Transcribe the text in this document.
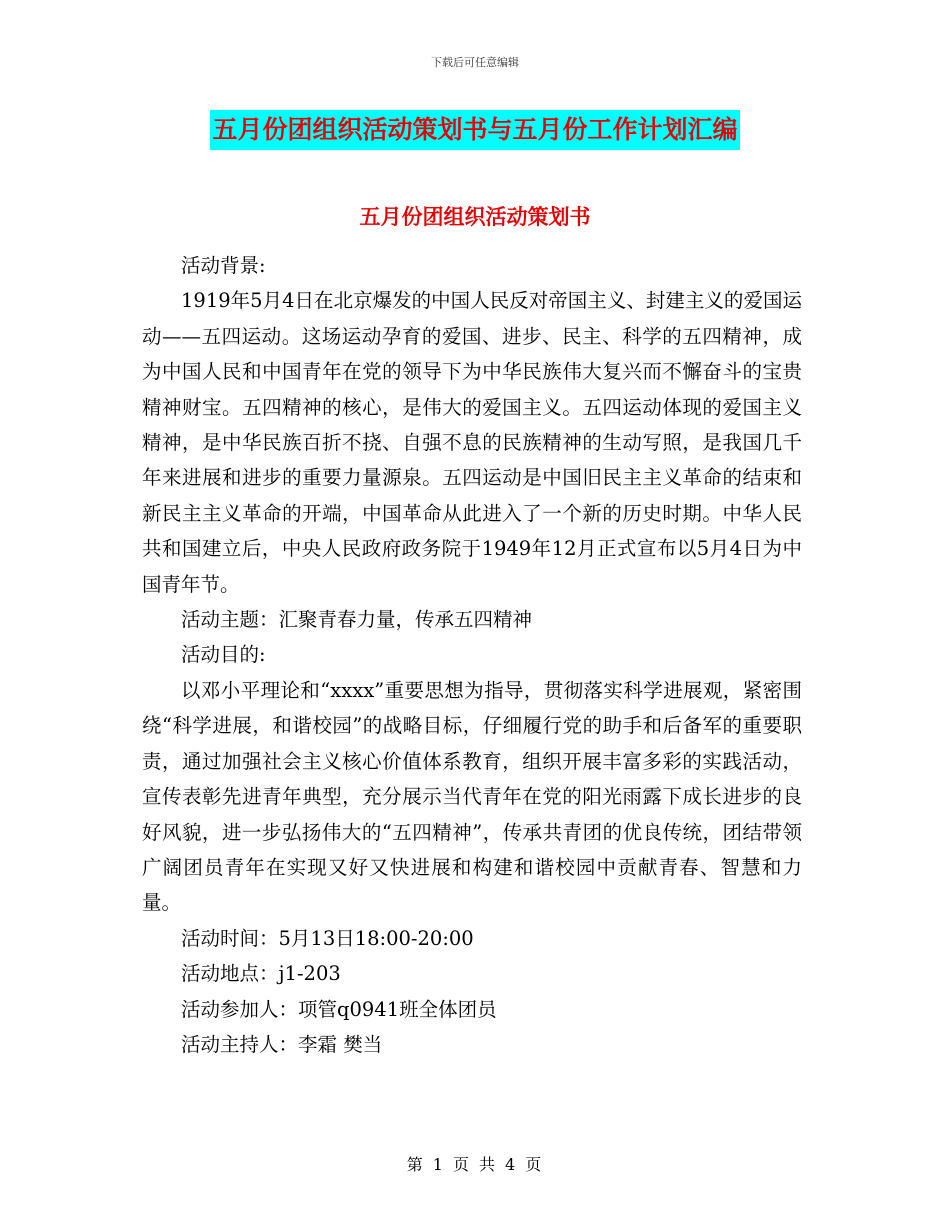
下载后可任意编辑
五月份团组织活动策划书与五月份工作计划汇编
五月份团组织活动策划书

活动背景:

1919年5月4日在北京爆发的中国人民反对帝国主义、封建主义的爱国运动——五四运动。这场运动孕育的爱国、进步、民主、科学的五四精神，成为中国人民和中国青年在党的领导下为中华民族伟大复兴而不懈奋斗的宝贵精神财宝。五四精神的核心，是伟大的爱国主义。五四运动体现的爱国主义精神，是中华民族百折不挠、自强不息的民族精神的生动写照，是我国几千年来进展和进步的重要力量源泉。五四运动是中国旧民主主义革命的结束和新民主主义革命的开端，中国革命从此进入了一个新的历史时期。中华人民共和国建立后，中央人民政府政务院于1949年12月正式宣布以5月4日为中国青年节。

活动主题：汇聚青春力量，传承五四精神

活动目的:

以邓小平理论和“xxxx”重要思想为指导，贯彻落实科学进展观，紧密围绕“科学进展，和谐校园”的战略目标，仔细履行党的助手和后备军的重要职责，通过加强社会主义核心价值体系教育，组织开展丰富多彩的实践活动，宣传表彰先进青年典型，充分展示当代青年在党的阳光雨露下成长进步的良好风貌，进一步弘扬伟大的“五四精神”，传承共青团的优良传统，团结带领广阔团员青年在实现又好又快进展和构建和谐校园中贡献青春、智慧和力量。

活动时间：5月13日18:00-20:00

活动地点：j1-203

活动参加人：项管q0941班全体团员

活动主持人：李霜 樊当

第 1 页 共 4 页
